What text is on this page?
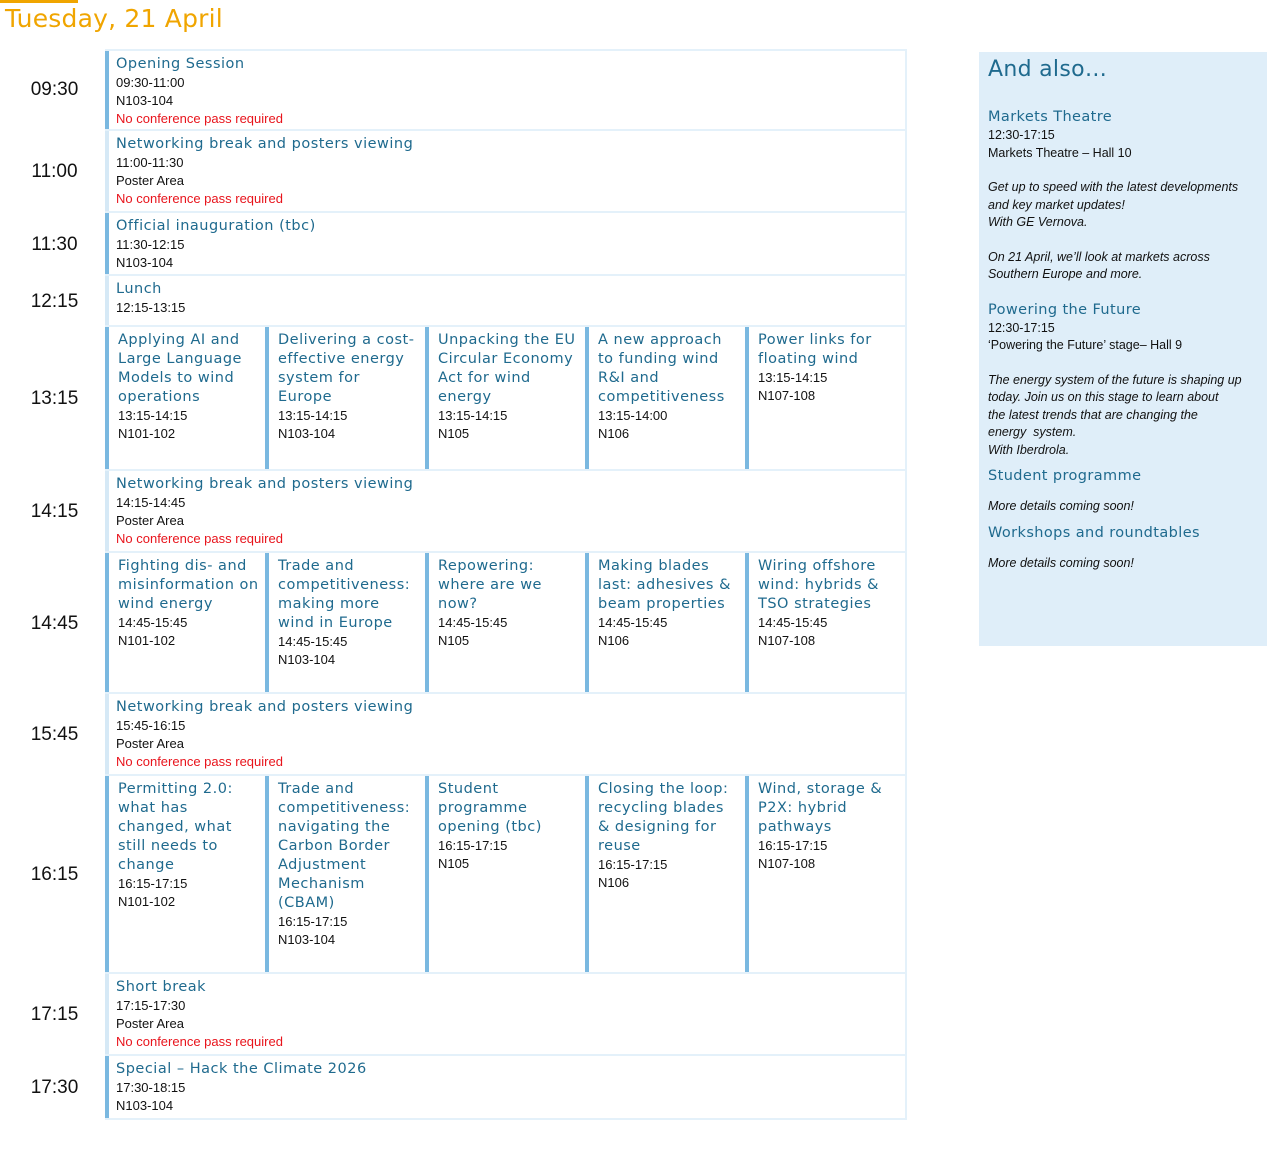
Tuesday, 21 April
09:30
Opening Session
09:30-11:00
N103-104
No conference pass required
11:00
Networking break and posters viewing
11:00-11:30
Poster Area
No conference pass required
11:30
Official inauguration (tbc)
11:30-12:15
N103-104
12:15
Lunch
12:15-13:15
13:15
Applying AI and Large Language Models to wind operations
13:15-14:15
N101-102
Delivering a cost-effective energy system for Europe
13:15-14:15
N103-104
Unpacking the EU Circular Economy Act for wind energy
13:15-14:15
N105
A new approach to funding wind R&I and competitiveness
13:15-14:00
N106
Power links for floating wind
13:15-14:15
N107-108
14:15
Networking break and posters viewing
14:15-14:45
Poster Area
No conference pass required
14:45
Fighting dis- and misinformation on wind energy
14:45-15:45
N101-102
Trade and competitiveness: making more wind in Europe
14:45-15:45
N103-104
Repowering: where are we now?
14:45-15:45
N105
Making blades last: adhesives & beam properties
14:45-15:45
N106
Wiring offshore wind: hybrids & TSO strategies
14:45-15:45
N107-108
15:45
Networking break and posters viewing
15:45-16:15
Poster Area
No conference pass required
16:15
Permitting 2.0: what has changed, what still needs to change
16:15-17:15
N101-102
Trade and competitiveness: navigating the Carbon Border Adjustment Mechanism (CBAM)
16:15-17:15
N103-104
Student programme opening (tbc)
16:15-17:15
N105
Closing the loop: recycling blades & designing for reuse
16:15-17:15
N106
Wind, storage & P2X: hybrid pathways
16:15-17:15
N107-108
17:15
Short break
17:15-17:30
Poster Area
No conference pass required
17:30
Special – Hack the Climate 2026
17:30-18:15
N103-104
And also…
Markets Theatre
12:30-17:15
Markets Theatre – Hall 10
Get up to speed with the latest developments
and key market updates!
With GE Vernova.
On 21 April, we’ll look at markets across
Southern Europe and more.
Powering the Future
12:30-17:15
‘Powering the Future’ stage– Hall 9
The energy system of the future is shaping up
today. Join us on this stage to learn about
the latest trends that are changing the
energy  system.
With Iberdrola.
Student programme
More details coming soon!
Workshops and roundtables
More details coming soon!
